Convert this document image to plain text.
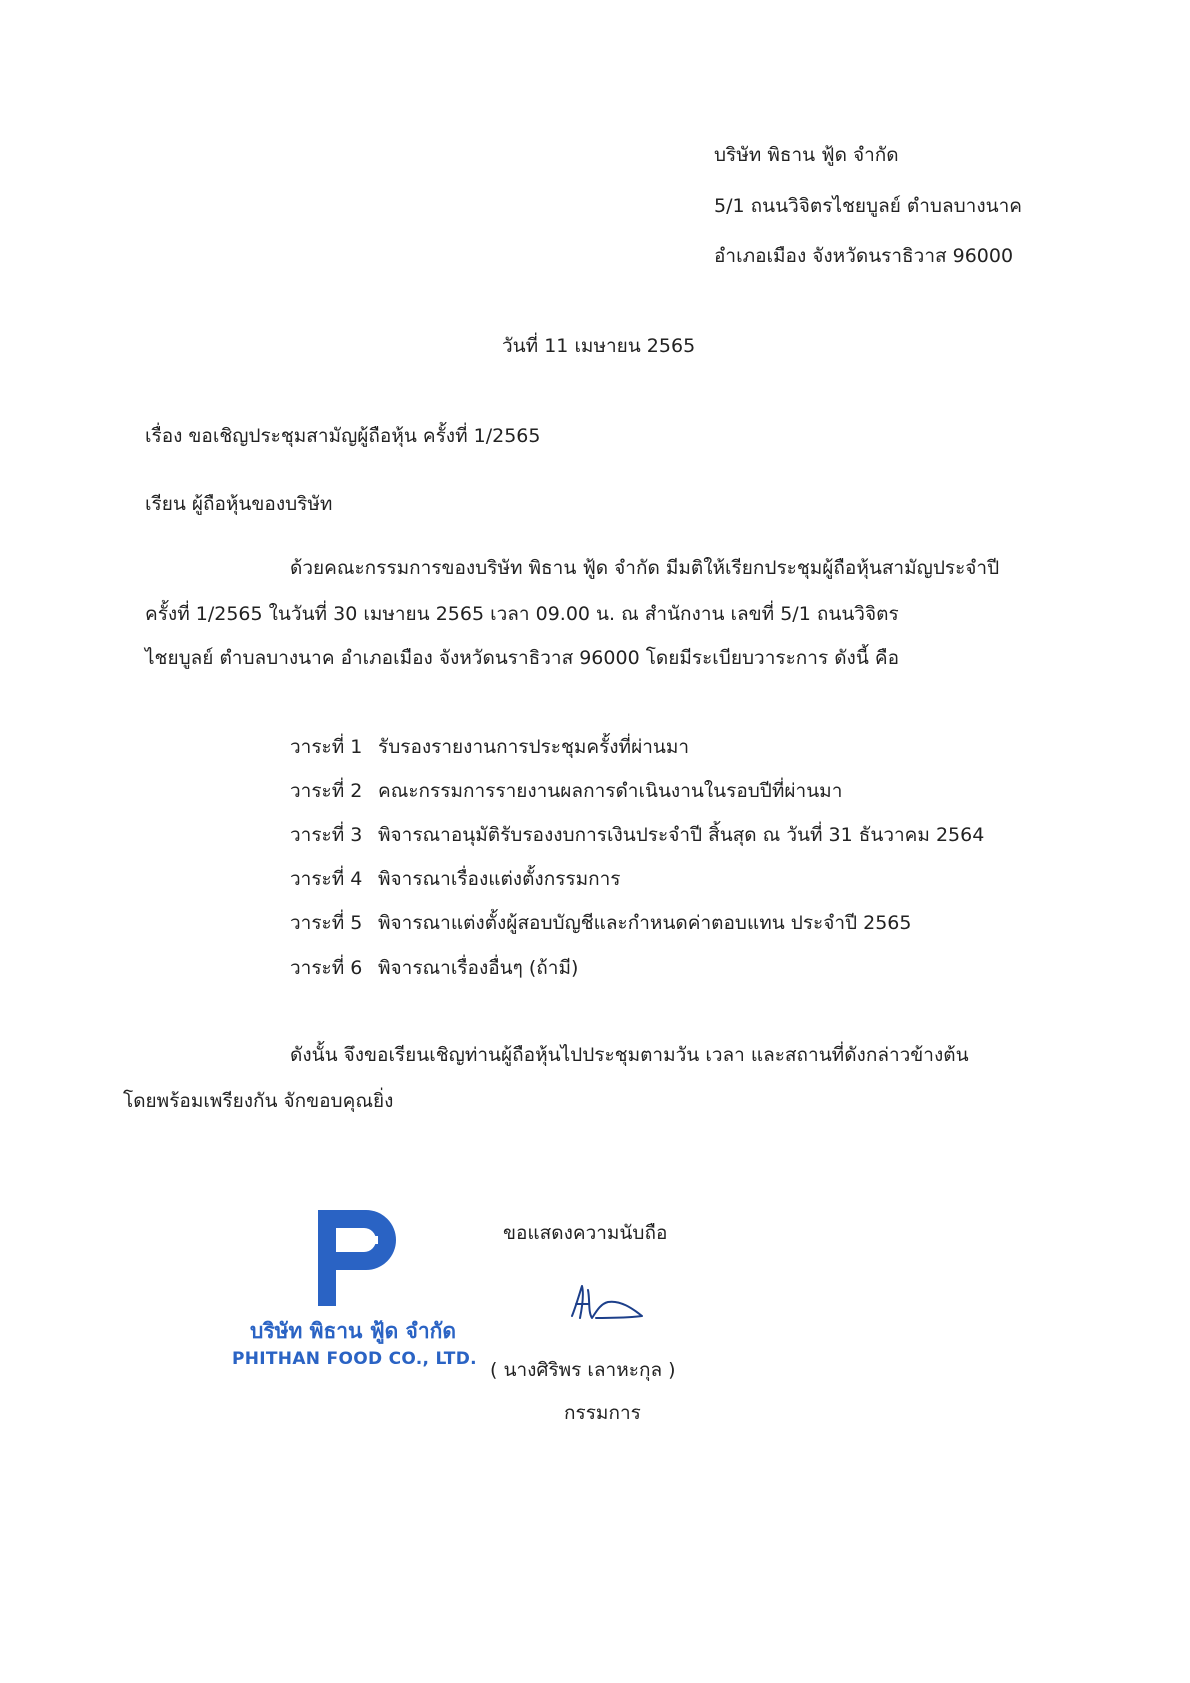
บริษัท พิธาน ฟู้ด จำกัด
5/1 ถนนวิจิตรไชยบูลย์ ตำบลบางนาค
อำเภอเมือง จังหวัดนราธิวาส 96000
วันที่ 11 เมษายน 2565
เรื่อง ขอเชิญประชุมสามัญผู้ถือหุ้น ครั้งที่ 1/2565
เรียน ผู้ถือหุ้นของบริษัท
ด้วยคณะกรรมการของบริษัท พิธาน ฟู้ด จำกัด มีมติให้เรียกประชุมผู้ถือหุ้นสามัญประจำปี
ครั้งที่ 1/2565 ในวันที่ 30 เมษายน 2565 เวลา 09.00 น. ณ สำนักงาน เลขที่ 5/1 ถนนวิจิตร
ไชยบูลย์ ตำบลบางนาค อำเภอเมือง จังหวัดนราธิวาส 96000 โดยมีระเบียบวาระการ ดังนี้ คือ
วาระที่ 1 รับรองรายงานการประชุมครั้งที่ผ่านมา
วาระที่ 2 คณะกรรมการรายงานผลการดำเนินงานในรอบปีที่ผ่านมา
วาระที่ 3 พิจารณาอนุมัติรับรองงบการเงินประจำปี สิ้นสุด ณ วันที่ 31 ธันวาคม 2564
วาระที่ 4 พิจารณาเรื่องแต่งตั้งกรรมการ
วาระที่ 5 พิจารณาแต่งตั้งผู้สอบบัญชีและกำหนดค่าตอบแทน ประจำปี 2565
วาระที่ 6 พิจารณาเรื่องอื่นๆ (ถ้ามี)
ดังนั้น จึงขอเรียนเชิญท่านผู้ถือหุ้นไปประชุมตามวัน เวลา และสถานที่ดังกล่าวข้างต้น
โดยพร้อมเพรียงกัน จักขอบคุณยิ่ง
ขอแสดงความนับถือ
บริษัท พิธาน ฟู้ด จำกัด
PHITHAN FOOD CO., LTD. ( นางศิริพร เลาหะกุล )
กรรมการ
